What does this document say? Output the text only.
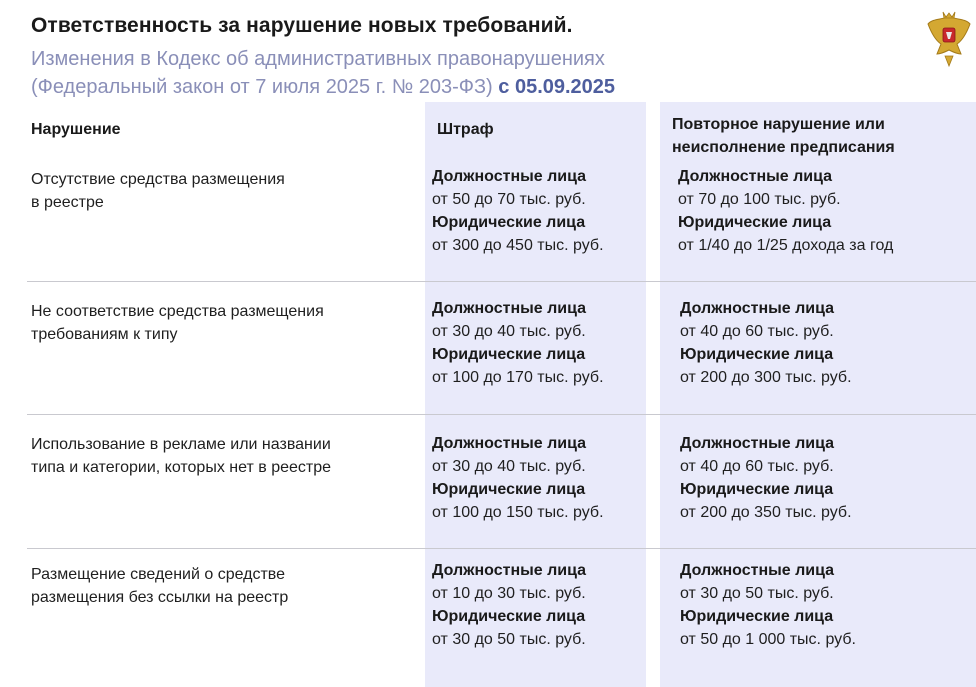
Ответственность за нарушение новых требований.
Изменения в Кодекс об административных правонарушениях
(Федеральный закон от 7 июля 2025 г. № 203-ФЗ) с 05.09.2025
Нарушение	Штраф	Повторное нарушение или
неисполнение предписания
Отсутствие средства размещения
в реестре
Должностные лица
от 50 до 70 тыс. руб.
Юридические лица
от 300 до 450 тыс. руб.
Должностные лица
от 70 до 100 тыс. руб.
Юридические лица
от 1/40 до 1/25 дохода за год
Не соответствие средства размещения
требованиям к типу
Должностные лица
от 30 до 40 тыс. руб.
Юридические лица
от 100 до 170 тыс. руб.
Должностные лица
от 40 до 60 тыс. руб.
Юридические лица
от 200 до 300 тыс. руб.
Использование в рекламе или названии
типа и категории, которых нет в реестре
Должностные лица
от 30 до 40 тыс. руб.
Юридические лица
от 100 до 150 тыс. руб.
Должностные лица
от 40 до 60 тыс. руб.
Юридические лица
от 200 до 350 тыс. руб.
Размещение сведений о средстве
размещения без ссылки на реестр
Должностные лица
от 10 до 30 тыс. руб.
Юридические лица
от 30 до 50 тыс. руб.
Должностные лица
от 30 до 50 тыс. руб.
Юридические лица
от 50 до 1 000 тыс. руб.
